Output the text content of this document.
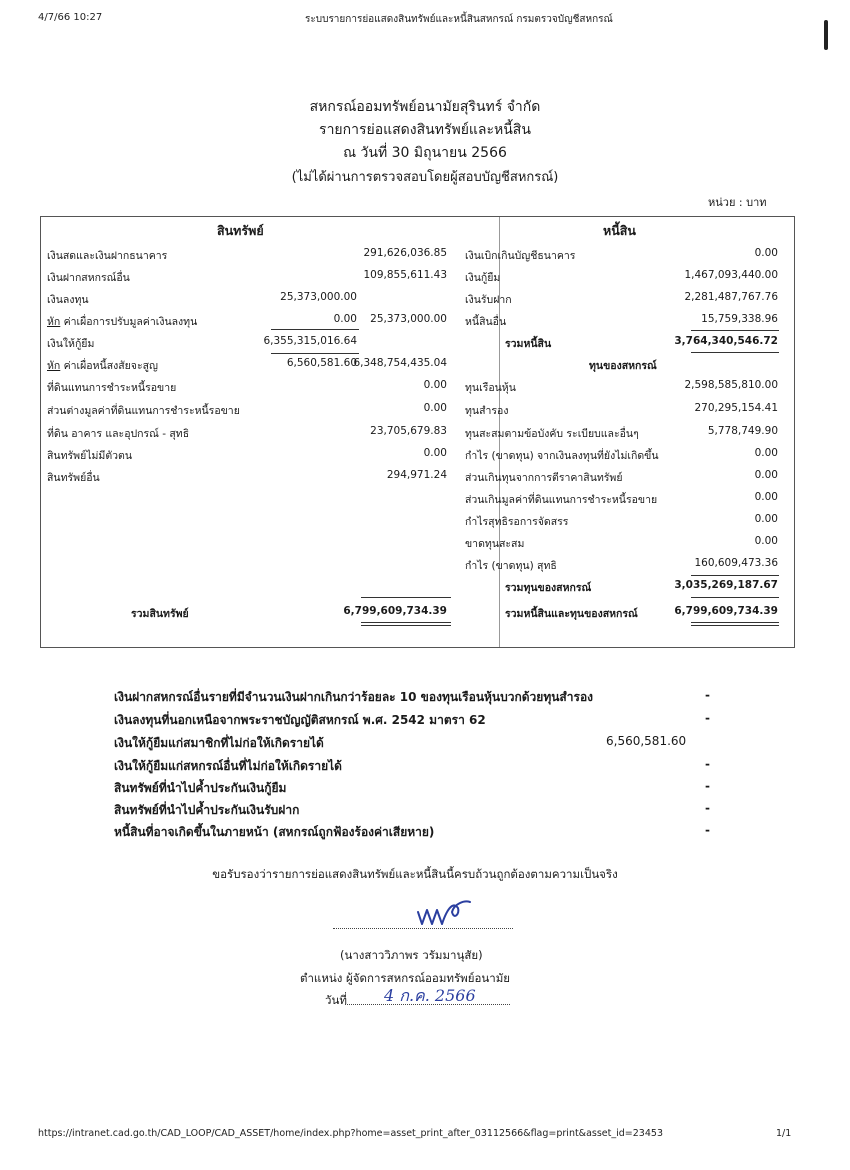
4/7/66 10:27	ระบบรายการย่อแสดงสินทรัพย์และหนี้สินสหกรณ์ กรมตรวจบัญชีสหกรณ์
สหกรณ์ออมทรัพย์อนามัยสุรินทร์ จำกัด
รายการย่อแสดงสินทรัพย์และหนี้สิน
ณ วันที่ 30 มิถุนายน 2566
(ไม่ได้ผ่านการตรวจสอบโดยผู้สอบบัญชีสหกรณ์)
หน่วย : บาท
สินทรัพย์	หนี้สิน
เงินสดและเงินฝากธนาคาร	291,626,036.85
เงินฝากสหกรณ์อื่น	109,855,611.43
เงินลงทุน	25,373,000.00
หัก ค่าเผื่อการปรับมูลค่าเงินลงทุน	0.00 25,373,000.00
เงินให้กู้ยืม	6,355,315,016.64
หัก ค่าเผื่อหนี้สงสัยจะสูญ	6,560,581.60
6,348,754,435.04
ที่ดินแทนการชำระหนี้รอขาย	0.00
ส่วนต่างมูลค่าที่ดินแทนการชำระหนี้รอขาย	0.00
ที่ดิน อาคาร และอุปกรณ์ - สุทธิ	23,705,679.83
สินทรัพย์ไม่มีตัวตน	0.00
สินทรัพย์อื่น	294,971.24
รวมสินทรัพย์	6,799,609,734.39
เงินเบิกเกินบัญชีธนาคาร	0.00
เงินกู้ยืม	1,467,093,440.00
เงินรับฝาก	2,281,487,767.76
หนี้สินอื่น	15,759,338.96
รวมหนี้สิน	3,764,340,546.72
ทุนของสหกรณ์
ทุนเรือนหุ้น	2,598,585,810.00
ทุนสำรอง	270,295,154.41
ทุนสะสมตามข้อบังคับ ระเบียบและอื่นๆ	5,778,749.90
กำไร (ขาดทุน) จากเงินลงทุนที่ยังไม่เกิดขึ้น	0.00
ส่วนเกินทุนจากการตีราคาสินทรัพย์	0.00
ส่วนเกินมูลค่าที่ดินแทนการชำระหนี้รอขาย	0.00
กำไรสุทธิรอการจัดสรร	0.00
ขาดทุนสะสม	0.00
กำไร (ขาดทุน) สุทธิ	160,609,473.36
รวมทุนของสหกรณ์	3,035,269,187.67
รวมหนี้สินและทุนของสหกรณ์	6,799,609,734.39
เงินฝากสหกรณ์อื่นรายที่มีจำนวนเงินฝากเกินกว่าร้อยละ 10 ของทุนเรือนหุ้นบวกด้วยทุนสำรอง	-
เงินลงทุนที่นอกเหนือจากพระราชบัญญัติสหกรณ์ พ.ศ. 2542 มาตรา 62	-
เงินให้กู้ยืมแก่สมาชิกที่ไม่ก่อให้เกิดรายได้	6,560,581.60
เงินให้กู้ยืมแก่สหกรณ์อื่นที่ไม่ก่อให้เกิดรายได้	-
สินทรัพย์ที่นำไปค้ำประกันเงินกู้ยืม	-
สินทรัพย์ที่นำไปค้ำประกันเงินรับฝาก	-
หนี้สินที่อาจเกิดขึ้นในภายหน้า (สหกรณ์ถูกฟ้องร้องค่าเสียหาย)	-
ขอรับรองว่ารายการย่อแสดงสินทรัพย์และหนี้สินนี้ครบถ้วนถูกต้องตามความเป็นจริง
(นางสาววิภาพร วรัมมานุสัย)
ตำแหน่ง ผู้จัดการสหกรณ์ออมทรัพย์อนามัย
วันที่ 4 ก.ค. 2566
https://intranet.cad.go.th/CAD_LOOP/CAD_ASSET/home/index.php?home=asset_print_after_03112566&flag=print&asset_id=23453	1/1
